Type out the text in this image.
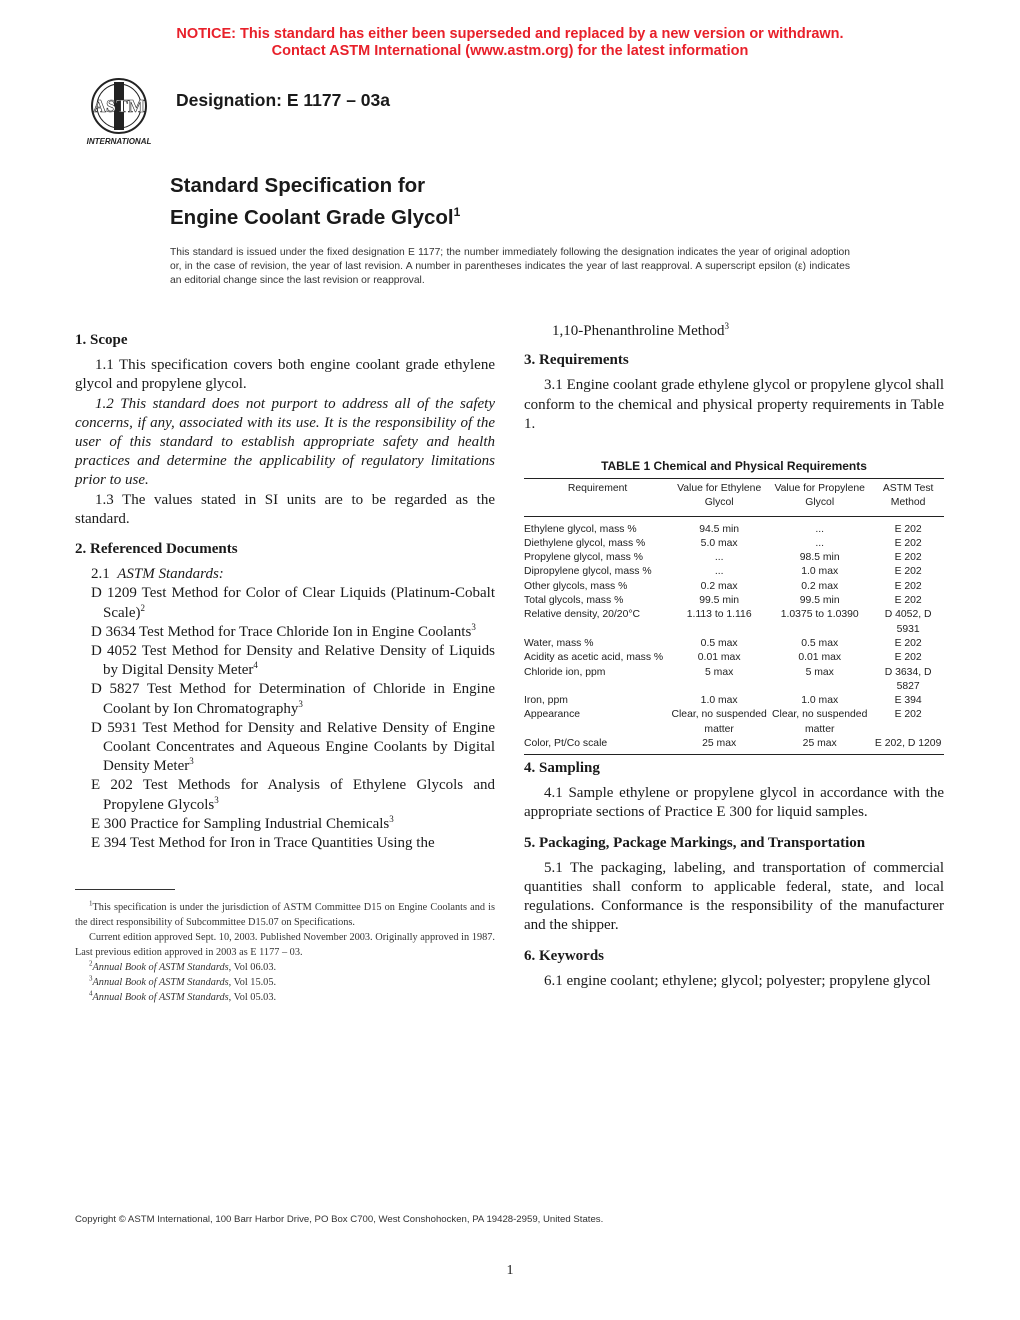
NOTICE: This standard has either been superseded and replaced by a new version or withdrawn.
Contact ASTM International (www.astm.org) for the latest information
ASTM
INTERNATIONAL
Designation: E 1177 – 03a
Standard Specification for
Engine Coolant Grade Glycol$^1$
This standard is issued under the fixed designation E 1177; the number immediately following the designation indicates the year of original adoption or, in the case of revision, the year of last revision. A number in parentheses indicates the year of last reapproval. A superscript epsilon (ε) indicates an editorial change since the last revision or reapproval.
1. Scope

1.1 This specification covers both engine coolant grade ethylene glycol and propylene glycol.

1.2 This standard does not purport to address all of the safety concerns, if any, associated with its use. It is the responsibility of the user of this standard to establish appropriate safety and health practices and determine the applicability of regulatory limitations prior to use.

1.3 The values stated in SI units are to be regarded as the standard.

2. Referenced Documents
2.1 ASTM Standards:
D 1209 Test Method for Color of Clear Liquids (Platinum-Cobalt Scale)$^2$
D 3634 Test Method for Trace Chloride Ion in Engine Coolants$^3$
D 4052 Test Method for Density and Relative Density of Liquids by Digital Density Meter$^4$
D 5827 Test Method for Determination of Chloride in Engine Coolant by Ion Chromatography$^3$
D 5931 Test Method for Density and Relative Density of Engine Coolant Concentrates and Aqueous Engine Coolants by Digital Density Meter$^3$
E 202 Test Methods for Analysis of Ethylene Glycols and Propylene Glycols$^3$
E 300 Practice for Sampling Industrial Chemicals$^3$
E 394 Test Method for Iron in Trace Quantities Using the
$^1$This specification is under the jurisdiction of ASTM Committee D15 on Engine Coolants and is the direct responsibility of Subcommittee D15.07 on Specifications.
Current edition approved Sept. 10, 2003. Published November 2003. Originally approved in 1987. Last previous edition approved in 2003 as E 1177 – 03.
$^2$Annual Book of ASTM Standards, Vol 06.03.
$^3$Annual Book of ASTM Standards, Vol 15.05.
$^4$Annual Book of ASTM Standards, Vol 05.03.
1,10-Phenanthroline Method$^3$
3. Requirements

3.1 Engine coolant grade ethylene glycol or propylene glycol shall conform to the chemical and physical property requirements in Table 1.

TABLE 1 Chemical and Physical Requirements
Requirement	Value for Ethylene Glycol	Value for Propylene Glycol	ASTM Test Method
Ethylene glycol, mass %	94.5 min	...	E 202
Diethylene glycol, mass %	5.0 max	...	E 202
Propylene glycol, mass %	...	98.5 min	E 202
Dipropylene glycol, mass %	...	1.0 max	E 202
Other glycols, mass %	0.2 max	0.2 max	E 202
Total glycols, mass %	99.5 min	99.5 min	E 202
Relative density, 20/20°C	1.113 to 1.116	1.0375 to 1.0390	D 4052, D 5931
Water, mass %	0.5 max	0.5 max	E 202
Acidity as acetic acid, mass %	0.01 max	0.01 max	E 202
Chloride ion, ppm	5 max	5 max	D 3634, D 5827
Iron, ppm	1.0 max	1.0 max	E 394
Appearance	Clear, no suspended matter	Clear, no suspended matter	E 202
Color, Pt/Co scale	25 max	25 max	E 202, D 1209
4. Sampling

4.1 Sample ethylene or propylene glycol in accordance with the appropriate sections of Practice E 300 for liquid samples.

5. Packaging, Package Markings, and Transportation

5.1 The packaging, labeling, and transportation of commercial quantities shall conform to applicable federal, state, and local regulations. Conformance is the responsibility of the manufacturer and the shipper.

6. Keywords

6.1 engine coolant; ethylene; glycol; polyester; propylene glycol

Copyright © ASTM International, 100 Barr Harbor Drive, PO Box C700, West Conshohocken, PA 19428-2959, United States.
1
